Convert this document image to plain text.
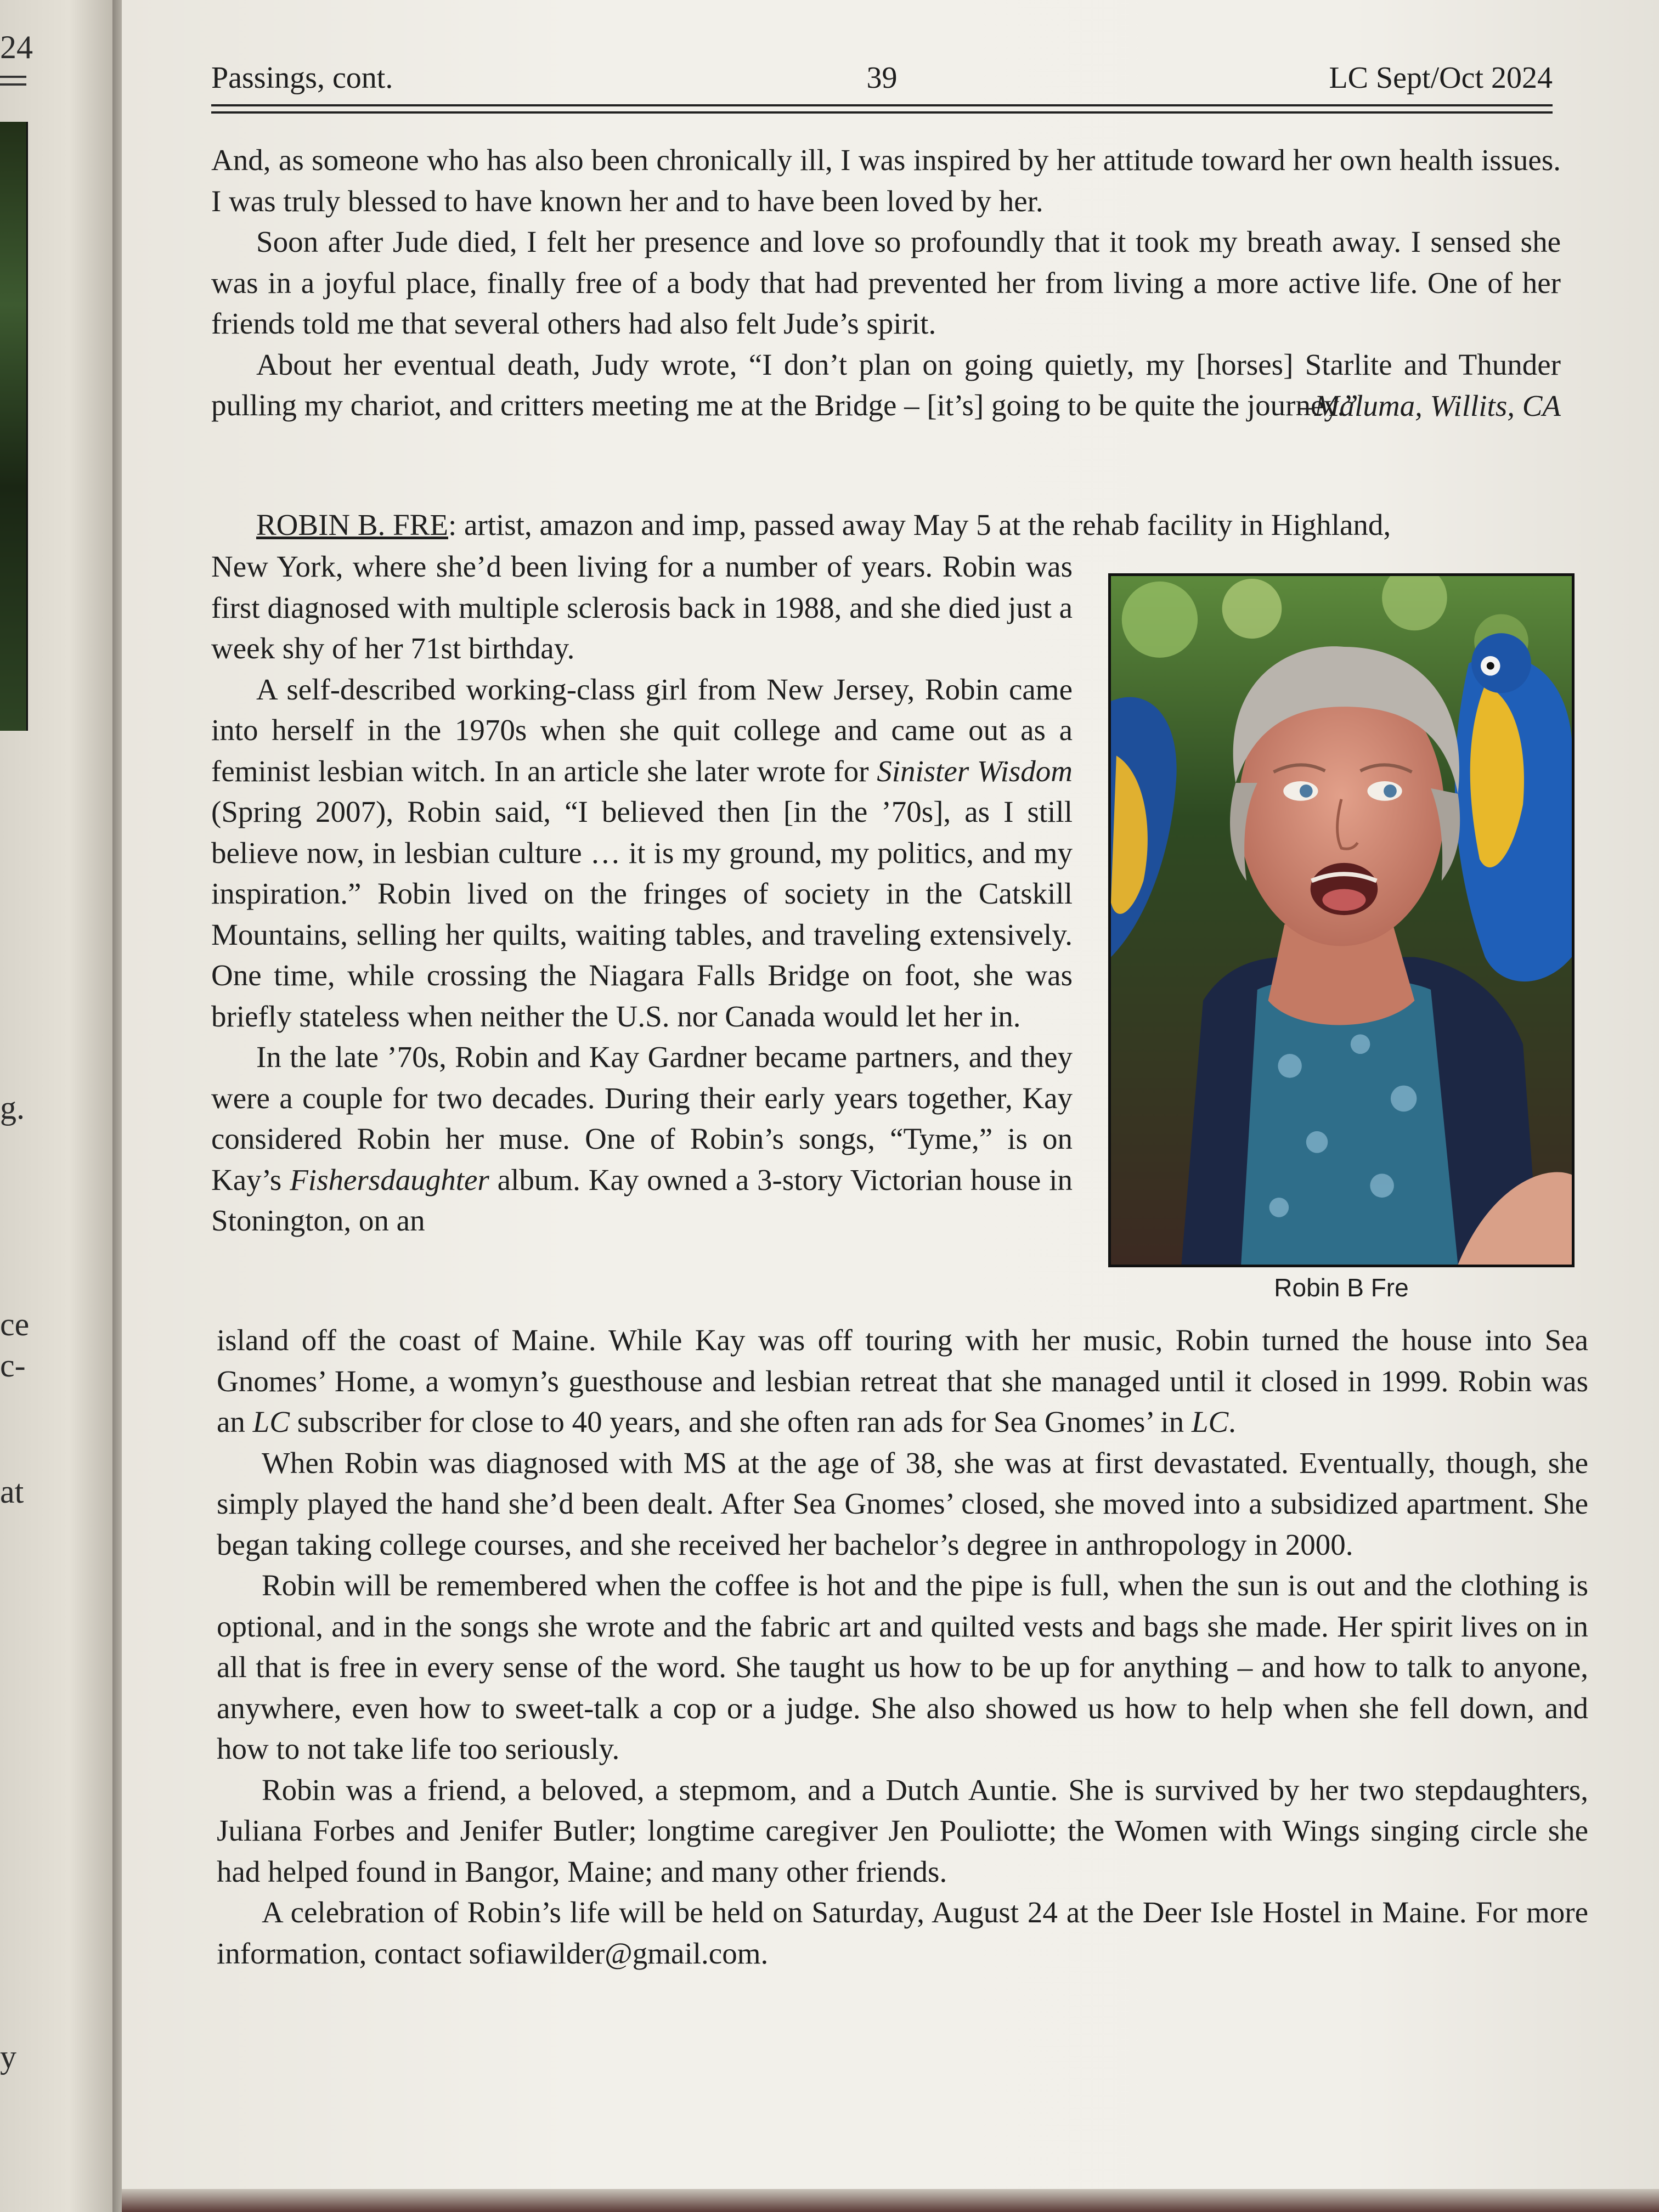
24
g.
ce
c-
at
y
Passings, cont.	39	LC Sept/Oct 2024

And, as someone who has also been chronically ill, I was inspired by her attitude toward her own health issues. I was truly blessed to have known her and to have been loved by her.

Soon after Jude died, I felt her presence and love so profoundly that it took my breath away. I sensed she was in a joyful place, finally free of a body that had prevented her from living a more active life. One of her friends told me that several others had also felt Jude’s spirit.

About her eventual death, Judy wrote, “I don’t plan on going quietly, my [horses] Starlite and Thunder pulling my chariot, and critters meeting me at the Bridge – [it’s] going to be quite the journey.”

–Maluma, Willits, CA

ROBIN B. FRE: artist, amazon and imp, passed away May 5 at the rehab facility in Highland,

New York, where she’d been living for a number of years. Robin was first diagnosed with multiple sclerosis back in 1988, and she died just a week shy of her 71st birthday.

A self-described working-class girl from New Jersey, Robin came into herself in the 1970s when she quit college and came out as a feminist lesbian witch. In an article she later wrote for Sinister Wisdom (Spring 2007), Robin said, “I believed then [in the ’70s], as I still believe now, in lesbian culture … it is my ground, my politics, and my inspiration.” Robin lived on the fringes of society in the Catskill Mountains, selling her quilts, waiting tables, and traveling extensively. One time, while crossing the Niagara Falls Bridge on foot, she was briefly stateless when neither the U.S. nor Canada would let her in.

In the late ’70s, Robin and Kay Gardner became partners, and they were a couple for two decades. During their early years together, Kay considered Robin her muse. One of Robin’s songs, “Tyme,” is on Kay’s Fishersdaughter album. Kay owned a 3-story Victorian house in Stonington, on an

Robin B Fre

island off the coast of Maine. While Kay was off touring with her music, Robin turned the house into Sea Gnomes’ Home, a womyn’s guesthouse and lesbian retreat that she managed until it closed in 1999. Robin was an LC subscriber for close to 40 years, and she often ran ads for Sea Gnomes’ in LC.

When Robin was diagnosed with MS at the age of 38, she was at first devastated. Eventually, though, she simply played the hand she’d been dealt. After Sea Gnomes’ closed, she moved into a subsidized apartment. She began taking college courses, and she received her bachelor’s degree in anthropology in 2000.

Robin will be remembered when the coffee is hot and the pipe is full, when the sun is out and the clothing is optional, and in the songs she wrote and the fabric art and quilted vests and bags she made. Her spirit lives on in all that is free in every sense of the word. She taught us how to be up for anything – and how to talk to anyone, anywhere, even how to sweet-talk a cop or a judge. She also showed us how to help when she fell down, and how to not take life too seriously.

Robin was a friend, a beloved, a stepmom, and a Dutch Auntie. She is survived by her two stepdaughters, Juliana Forbes and Jenifer Butler; longtime caregiver Jen Pouliotte; the Women with Wings singing circle she had helped found in Bangor, Maine; and many other friends.

A celebration of Robin’s life will be held on Saturday, August 24 at the Deer Isle Hostel in Maine. For more information, contact sofiawilder@gmail.com.
